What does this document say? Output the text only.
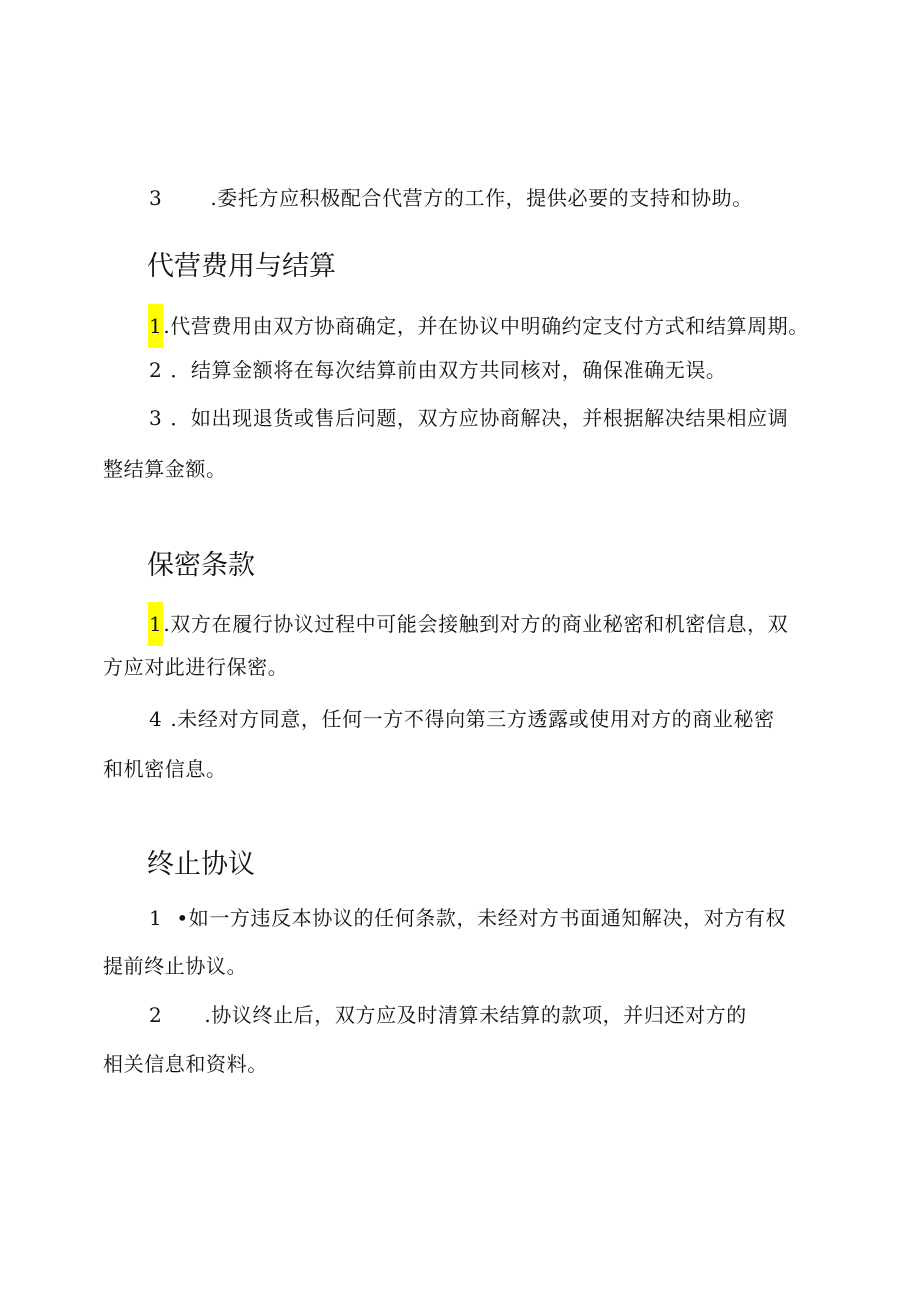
3 .委托方应积极配合代营方的工作，提供必要的支持和协助。
代营费用与结算
1.代营费用由双方协商确定，并在协议中明确约定支付方式和结算周期。
2 ．结算金额将在每次结算前由双方共同核对，确保准确无误。
3 ．如出现退货或售后问题，双方应协商解决，并根据解决结果相应调
整结算金额。
保密条款
1.双方在履行协议过程中可能会接触到对方的商业秘密和机密信息，双
方应对此进行保密。
4 .未经对方同意，任何一方不得向第三方透露或使用对方的商业秘密
和机密信息。
终止协议
1 •如一方违反本协议的任何条款，未经对方书面通知解决，对方有权
提前终止协议。
2 .协议终止后，双方应及时清算未结算的款项，并归还对方的
相关信息和资料。
